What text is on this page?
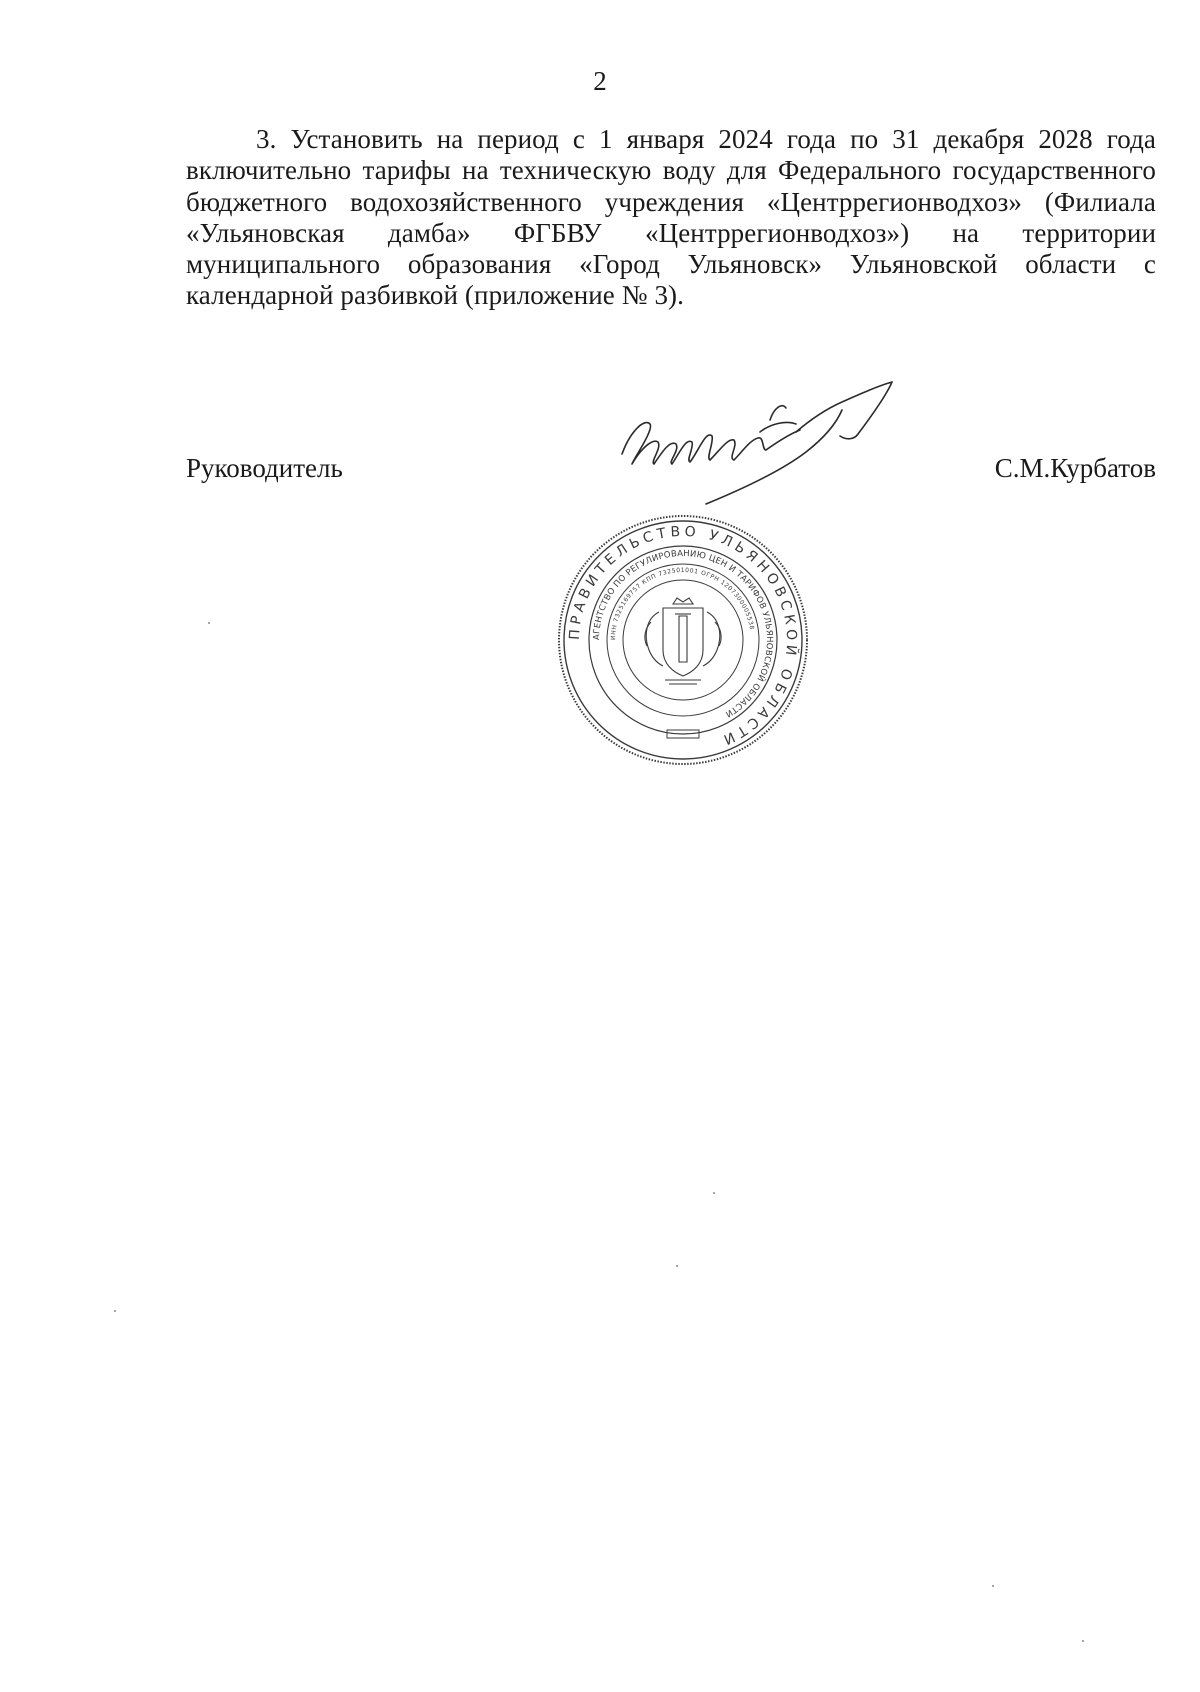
2

3. Установить на период с 1 января 2024 года по 31 декабря 2028 года включительно тарифы на техническую воду для Федерального государственного бюджетного водохозяйственного учреждения «Центррегионводхоз» (Филиала «Ульяновская дамба» ФГБВУ «Центррегионводхоз») на территории муниципального образования «Город Ульяновск» Ульяновской области с календарной разбивкой (приложение № 3).

Руководитель	С.М.Курбатов
ПРАВИТЕЛЬСТВО УЛЬЯНОВСКОЙ ОБЛАСТИ
АГЕНТСТВО ПО РЕГУЛИРОВАНИЮ ЦЕН И ТАРИФОВ УЛЬЯНОВСКОЙ ОБЛАСТИ
ИНН 7325169757 КПП 732501001 ОГРН 1207300005538
